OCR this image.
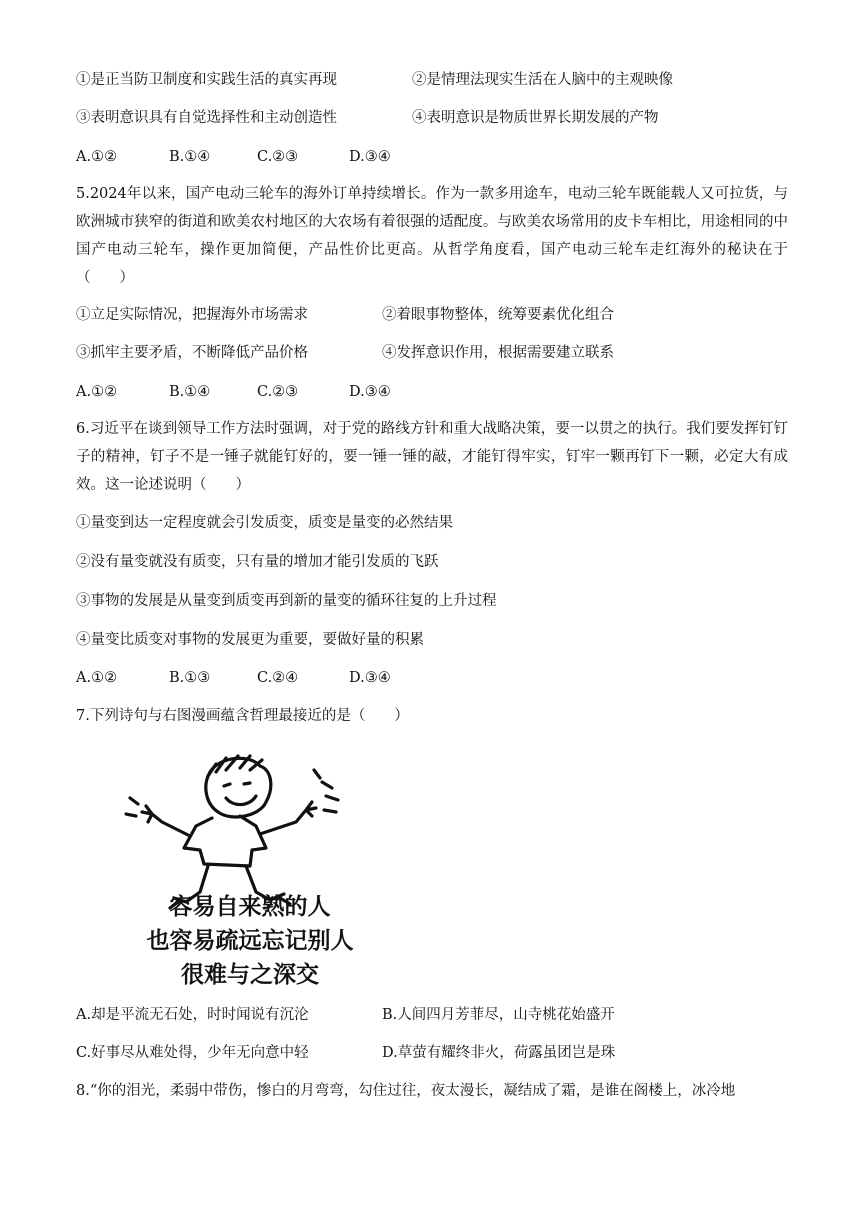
①是正当防卫制度和实践生活的真实再现	②是情理法现实生活在人脑中的主观映像
③表明意识具有自觉选择性和主动创造性	④表明意识是物质世界长期发展的产物
A.①②	B.①④	C.②③	D.③④
5.2024年以来，国产电动三轮车的海外订单持续增长。作为一款多用途车，电动三轮车既能载人又可拉货，与欧洲城市狭窄的街道和欧美农村地区的大农场有着很强的适配度。与欧美农场常用的皮卡车相比，用途相同的中国产电动三轮车，操作更加简便，产品性价比更高。从哲学角度看，国产电动三轮车走红海外的秘诀在于（　　）
①立足实际情况，把握海外市场需求	②着眼事物整体，统筹要素优化组合
③抓牢主要矛盾，不断降低产品价格	④发挥意识作用，根据需要建立联系
A.①②	B.①④	C.②③	D.③④
6.习近平在谈到领导工作方法时强调，对于党的路线方针和重大战略决策，要一以贯之的执行。我们要发挥钉钉子的精神，钉子不是一锤子就能钉好的，要一锤一锤的敲，才能钉得牢实，钉牢一颗再钉下一颗，必定大有成效。这一论述说明（　　）
①量变到达一定程度就会引发质变，质变是量变的必然结果
②没有量变就没有质变，只有量的增加才能引发质的飞跃
③事物的发展是从量变到质变再到新的量变的循环往复的上升过程
④量变比质变对事物的发展更为重要，要做好量的积累
A.①②	B.①③	C.②④	D.③④
7.下列诗句与右图漫画蕴含哲理最接近的是（　　）
容易自来熟的人
也容易疏远忘记别人
很难与之深交
A.却是平流无石处，时时闻说有沉沦	B.人间四月芳菲尽，山寺桃花始盛开
C.好事尽从难处得，少年无向意中轻	D.草萤有耀终非火，荷露虽团岂是珠
8.“你的泪光，柔弱中带伤，惨白的月弯弯，勾住过往，夜太漫长，凝结成了霜，是谁在阁楼上，冰冷地
